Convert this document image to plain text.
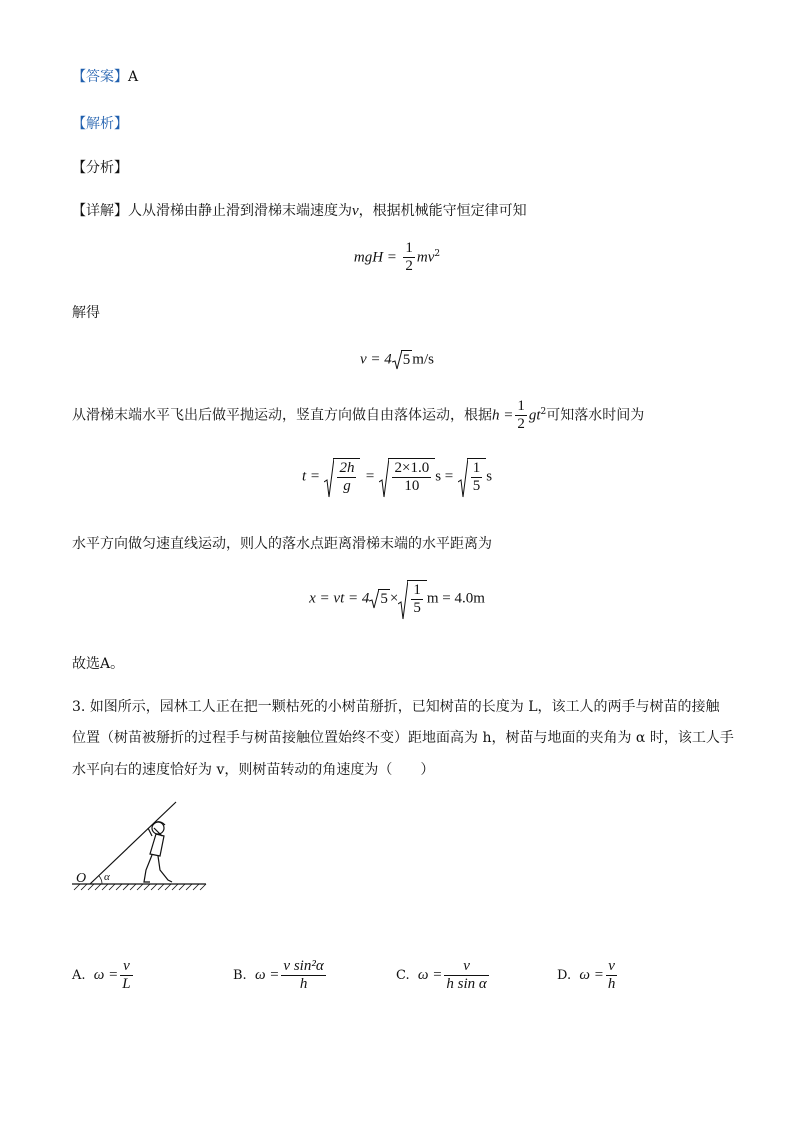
【答案】A
【解析】
【分析】
【详解】人从滑梯由静止滑到滑梯末端速度为v，根据机械能守恒定律可知
mgH = $\frac{1}{2} mv^2$
解得
v = 4 5 m/s
从滑梯末端水平飞出后做平抛运动，竖直方向做自由落体运动，根据$h = \frac{1}{2} gt^2$可知落水时间为
$t = \frac{2h}{g} = \frac{2\times 1.0}{10}$ $s = \frac{1}{5}$ s
水平方向做匀速直线运动，则人的落水点距离滑梯末端的水平距离为
x = vt = 4 $5 \times \frac{1}{5}$ m = 4.0m
故选A。
3. 如图所示，园林工人正在把一颗枯死的小树苗掰折，已知树苗的长度为 L，该工人的两手与树苗的接触
位置（树苗被掰折的过程手与树苗接触位置始终不变）距地面高为 h，树苗与地面的夹角为 α 时，该工人手
水平向右的速度恰好为 v，则树苗转动的角速度为（　　）
O α
A. $\omega = \frac{v}{L}$	B. $\omega = \frac{\text{v sin²α}}{h}$	C. $\omega = \frac{v}{\text{h sin α}}$	D. $\omega = \frac{v}{h}$
